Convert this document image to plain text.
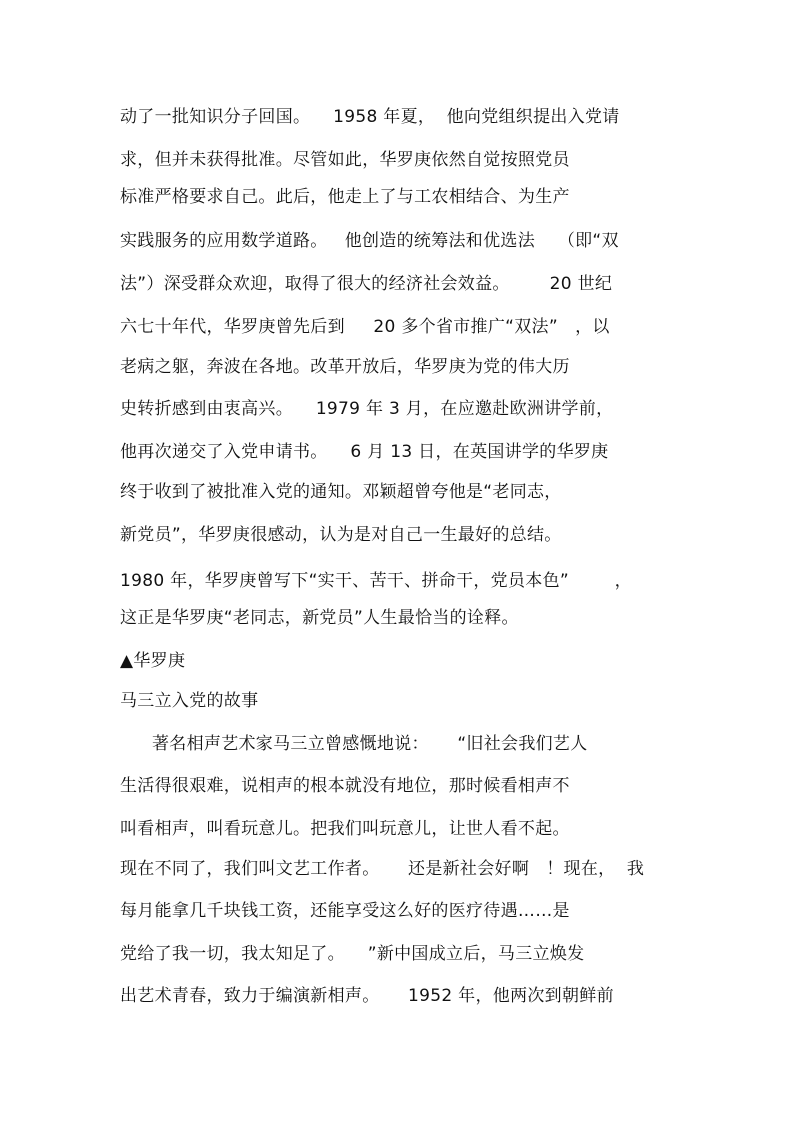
动了一批知识分子回国。    1958 年夏，  他向党组织提出入党请
求，但并未获得批准。尽管如此，华罗庚依然自觉按照党员
标准严格要求自己。此后，他走上了与工农相结合、为生产
实践服务的应用数学道路。   他创造的统筹法和优选法    （即“双
法”）深受群众欢迎，取得了很大的经济社会效益。       20 世纪
六七十年代，华罗庚曾先后到     20 多个省市推广“双法”   ，以
老病之躯，奔波在各地。改革开放后，华罗庚为党的伟大历
史转折感到由衷高兴。    1979 年 3 月，在应邀赴欧洲讲学前，
他再次递交了入党申请书。    6 月 13 日，在英国讲学的华罗庚
终于收到了被批准入党的通知。邓颖超曾夸他是“老同志，
新党员”，华罗庚很感动，认为是对自己一生最好的总结。
1980 年，华罗庚曾写下“实干、苦干、拼命干，党员本色”        ，
这正是华罗庚“老同志，新党员”人生最恰当的诠释。
▲华罗庚
马三立入党的故事
著名相声艺术家马三立曾感慨地说：     “旧社会我们艺人
生活得很艰难，说相声的根本就没有地位，那时候看相声不
叫看相声，叫看玩意儿。把我们叫玩意儿，让世人看不起。
现在不同了，我们叫文艺工作者。     还是新社会好啊   ！现在，  我
每月能拿几千块钱工资，还能享受这么好的医疗待遇……是
党给了我一切，我太知足了。    ”新中国成立后，马三立焕发
出艺术青春，致力于编演新相声。     1952 年，他两次到朝鲜前
